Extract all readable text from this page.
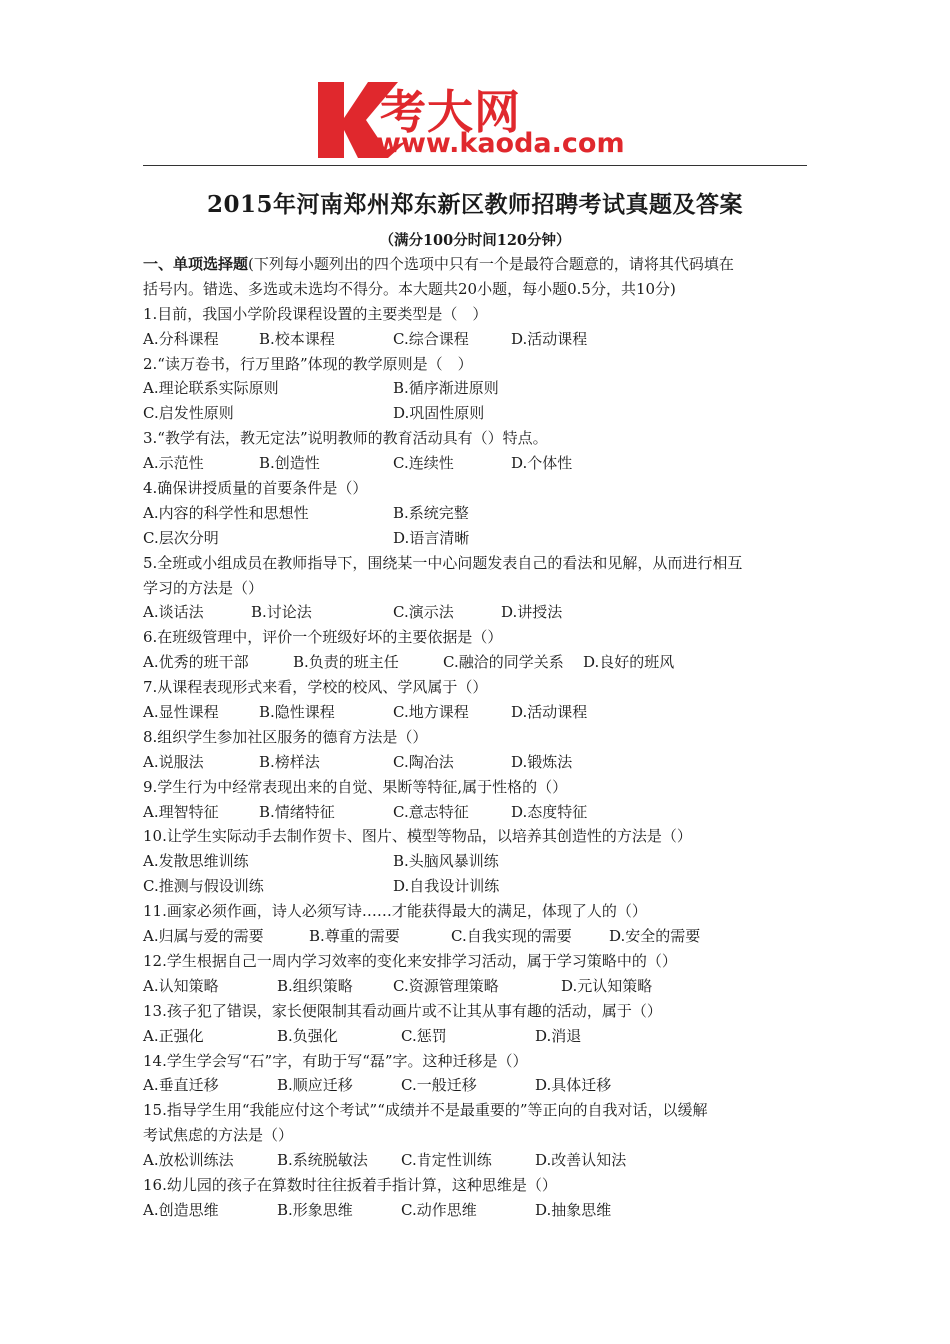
考大网
www.kaoda.com
2015年河南郑州郑东新区教师招聘考试真题及答案
（满分100分时间120分钟）
一、单项选择题(下列每小题列出的四个选项中只有一个是最符合题意的，请将其代码填在
括号内。错选、多选或未选均不得分。本大题共20小题，每小题0.5分，共10分)
1.目前，我国小学阶段课程设置的主要类型是（　）
A.分科课程	B.校本课程	C.综合课程	D.活动课程
2.“读万卷书，行万里路”体现的教学原则是（　）
A.理论联系实际原则	B.循序渐进原则
C.启发性原则	D.巩固性原则
3.“教学有法，教无定法”说明教师的教育活动具有（）特点。
A.示范性	B.创造性	C.连续性	D.个体性
4.确保讲授质量的首要条件是（）
A.内容的科学性和思想性	B.系统完整
C.层次分明	D.语言清晰
5.全班或小组成员在教师指导下，围绕某一中心问题发表自己的看法和见解，从而进行相互
学习的方法是（）
A.谈话法	B.讨论法	C.演示法	D.讲授法
6.在班级管理中，评价一个班级好坏的主要依据是（）
A.优秀的班干部	B.负责的班主任	C.融洽的同学关系 D.良好的班风
7.从课程表现形式来看，学校的校风、学风属于（）
A.显性课程	B.隐性课程	C.地方课程	D.活动课程
8.组织学生参加社区服务的德育方法是（）
A.说服法	B.榜样法	C.陶冶法	D.锻炼法
9.学生行为中经常表现出来的自觉、果断等特征,属于性格的（）
A.理智特征	B.情绪特征	C.意志特征	D.态度特征
10.让学生实际动手去制作贺卡、图片、模型等物品，以培养其创造性的方法是（）
A.发散思维训练	B.头脑风暴训练
C.推测与假设训练	D.自我设计训练
11.画家必须作画，诗人必须写诗……才能获得最大的满足，体现了人的（）
A.归属与爱的需要	B.尊重的需要	C.自我实现的需要 D.安全的需要
12.学生根据自己一周内学习效率的变化来安排学习活动，属于学习策略中的（）
A.认知策略	B.组织策略	C.资源管理策略	D.元认知策略
13.孩子犯了错误，家长便限制其看动画片或不让其从事有趣的活动，属于（）
A.正强化	B.负强化	C.惩罚	D.消退
14.学生学会写“石”字，有助于写“磊”字。这种迁移是（）
A.垂直迁移	B.顺应迁移	C.一般迁移	D.具体迁移
15.指导学生用“我能应付这个考试”“成绩并不是最重要的”等正向的自我对话，以缓解
考试焦虑的方法是（）
A.放松训练法	B.系统脱敏法 C.肯定性训练	D.改善认知法
16.幼儿园的孩子在算数时往往扳着手指计算，这种思维是（）
A.创造思维	B.形象思维	C.动作思维	D.抽象思维
